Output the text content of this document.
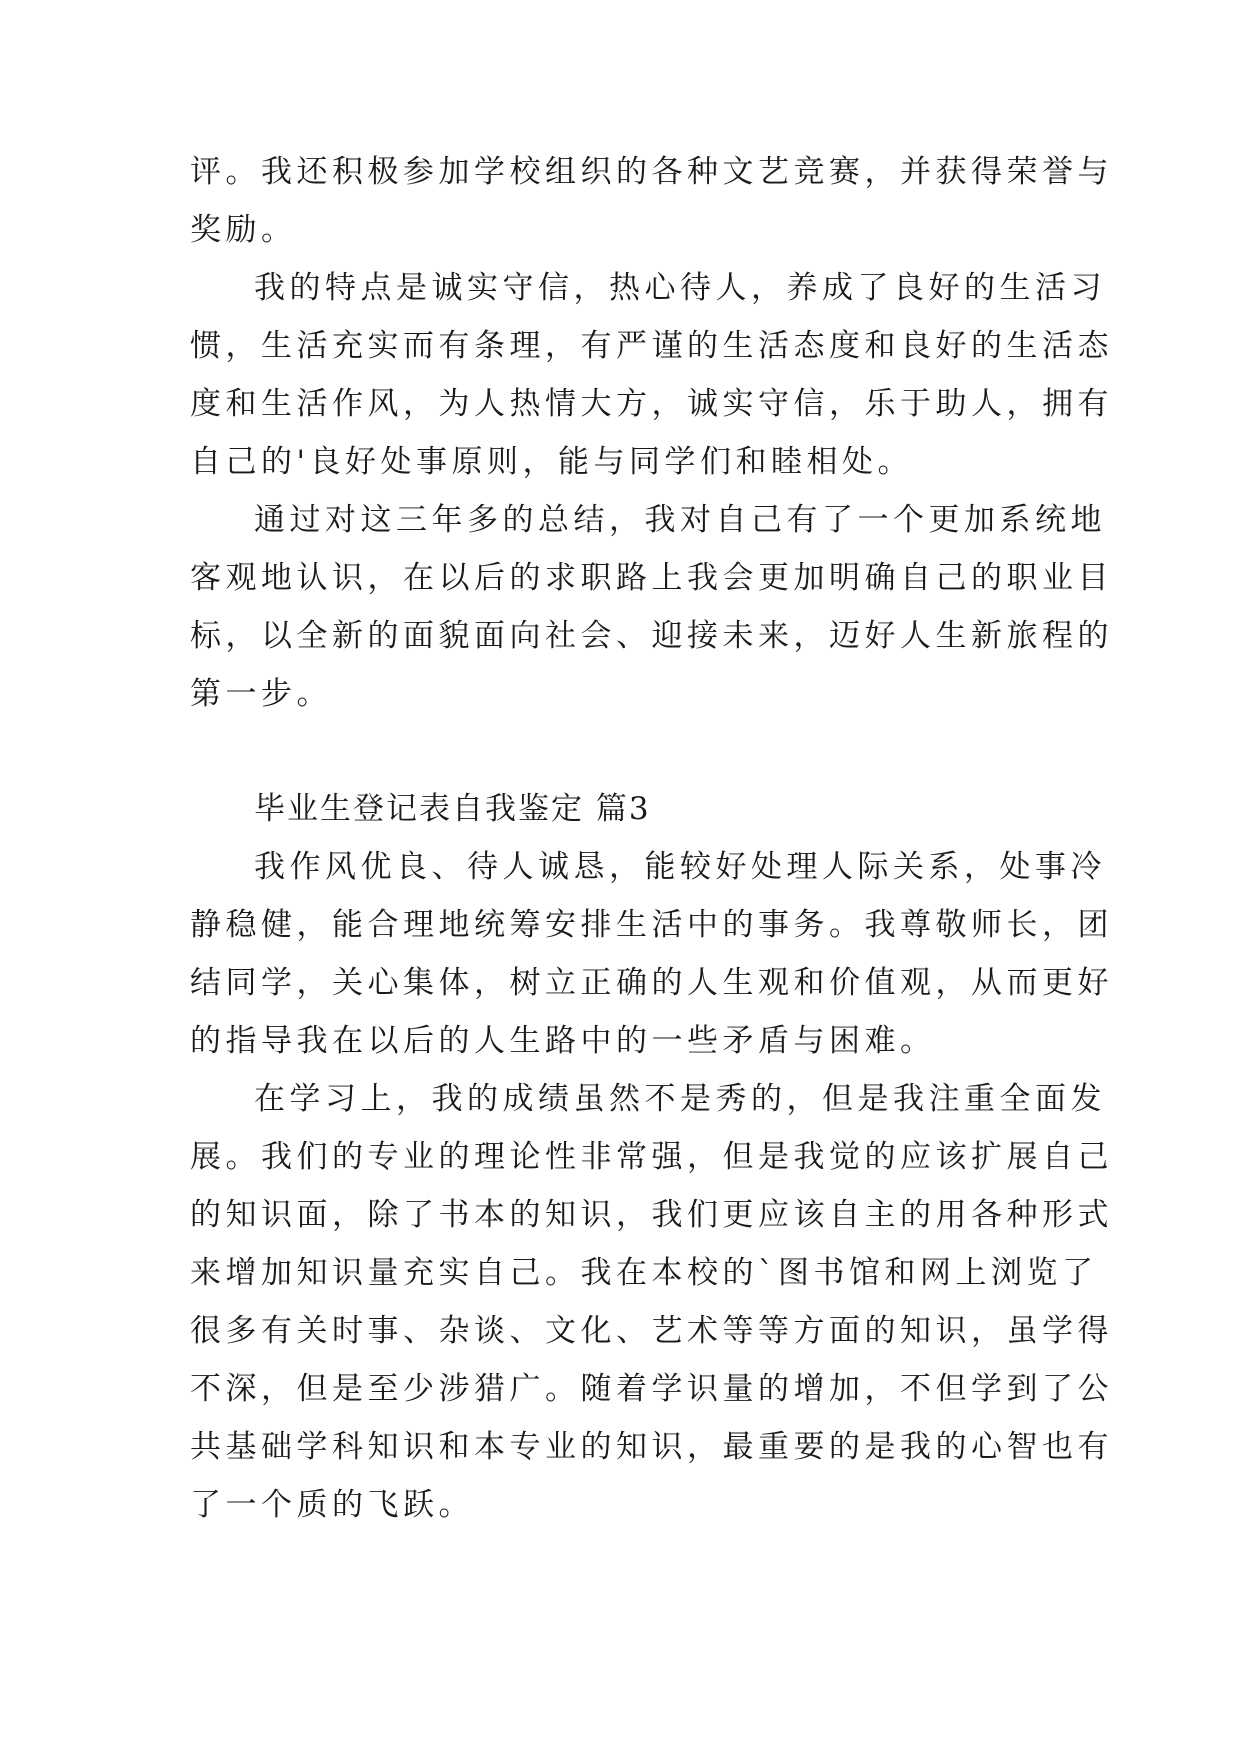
评。我还积极参加学校组织的各种文艺竞赛，并获得荣誉与
奖励。
我的特点是诚实守信，热心待人，养成了良好的生活习
惯，生活充实而有条理，有严谨的生活态度和良好的生活态
度和生活作风，为人热情大方，诚实守信，乐于助人，拥有
自己的'良好处事原则，能与同学们和睦相处。
通过对这三年多的总结，我对自己有了一个更加系统地
客观地认识，在以后的求职路上我会更加明确自己的职业目
标，以全新的面貌面向社会、迎接未来，迈好人生新旅程的
第一步。
毕业生登记表自我鉴定 篇3
我作风优良、待人诚恳，能较好处理人际关系，处事冷
静稳健，能合理地统筹安排生活中的事务。我尊敬师长，团
结同学，关心集体，树立正确的人生观和价值观，从而更好
的指导我在以后的人生路中的一些矛盾与困难。
在学习上，我的成绩虽然不是秀的，但是我注重全面发
展。我们的专业的理论性非常强，但是我觉的应该扩展自己
的知识面，除了书本的知识，我们更应该自主的用各种形式
来增加知识量充实自己。我在本校的`图书馆和网上浏览了
很多有关时事、杂谈、文化、艺术等等方面的知识，虽学得
不深，但是至少涉猎广。随着学识量的增加，不但学到了公
共基础学科知识和本专业的知识，最重要的是我的心智也有
了一个质的飞跃。
